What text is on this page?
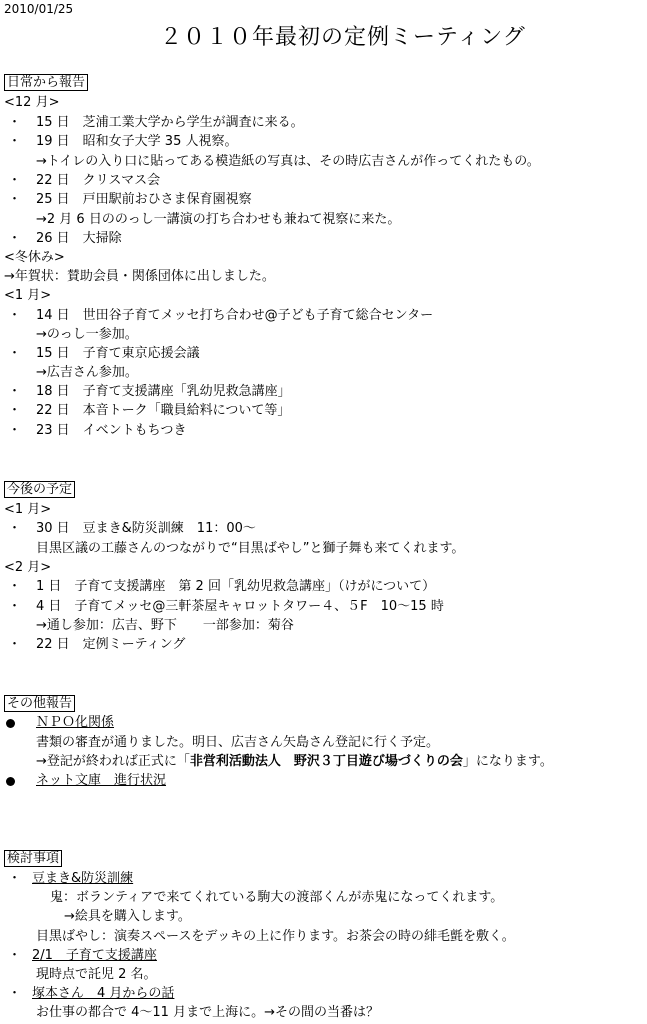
2010/01/25
２０１０年最初の定例ミーティング
日常から報告
<12 月>
・ 15 日　芝浦工業大学から学生が調査に来る。
・ 19 日　昭和女子大学 35 人視察。
→トイレの入り口に貼ってある模造紙の写真は、その時広吉さんが作ってくれたもの。
・ 22 日　クリスマス会
・ 25 日　戸田駅前おひさま保育園視察
→2 月 6 日ののっし一講演の打ち合わせも兼ねて視察に来た。
・ 26 日　大掃除
<冬休み>
→年賀状：賛助会員・関係団体に出しました。
<1 月>
・ 14 日　世田谷子育てメッセ打ち合わせ@子ども子育て総合センター
→のっし一参加。
・ 15 日　子育て東京応援会議
→広吉さん参加。
・ 18 日　子育て支援講座「乳幼児救急講座」
・ 22 日　本音トーク「職員給料について等」
・ 23 日　イベントもちつき
今後の予定
<1 月>
・ 30 日　豆まき&防災訓練　11：00～
目黒区議の工藤さんのつながりで“目黒ばやし”と獅子舞も来てくれます。
<2 月>
・ 1 日　子育て支援講座　第 2 回「乳幼児救急講座」（けがについて）
・ 4 日　子育てメッセ@三軒茶屋キャロットタワー４、５F　10～15 時
→通し参加：広吉、野下　　一部参加：菊谷
・ 22 日　定例ミーティング
その他報告
ＮＰＯ化関係
書類の審査が通りました。明日、広吉さん矢島さん登記に行く予定。
→登記が終われば正式に「非営利活動法人　野沢３丁目遊び場づくりの会」になります。
ネット文庫　進行状況
検討事項
・ 豆まき&防災訓練
鬼：ボランティアで来てくれている駒大の渡部くんが赤鬼になってくれます。
→絵具を購入します。
目黒ばやし：演奏スペースをデッキの上に作ります。お茶会の時の緋毛氈を敷く。
・ 2/1　子育て支援講座
現時点で託児 2 名。
・ 塚本さん　4 月からの話
お仕事の都合で 4～11 月まで上海に。→その間の当番は？
